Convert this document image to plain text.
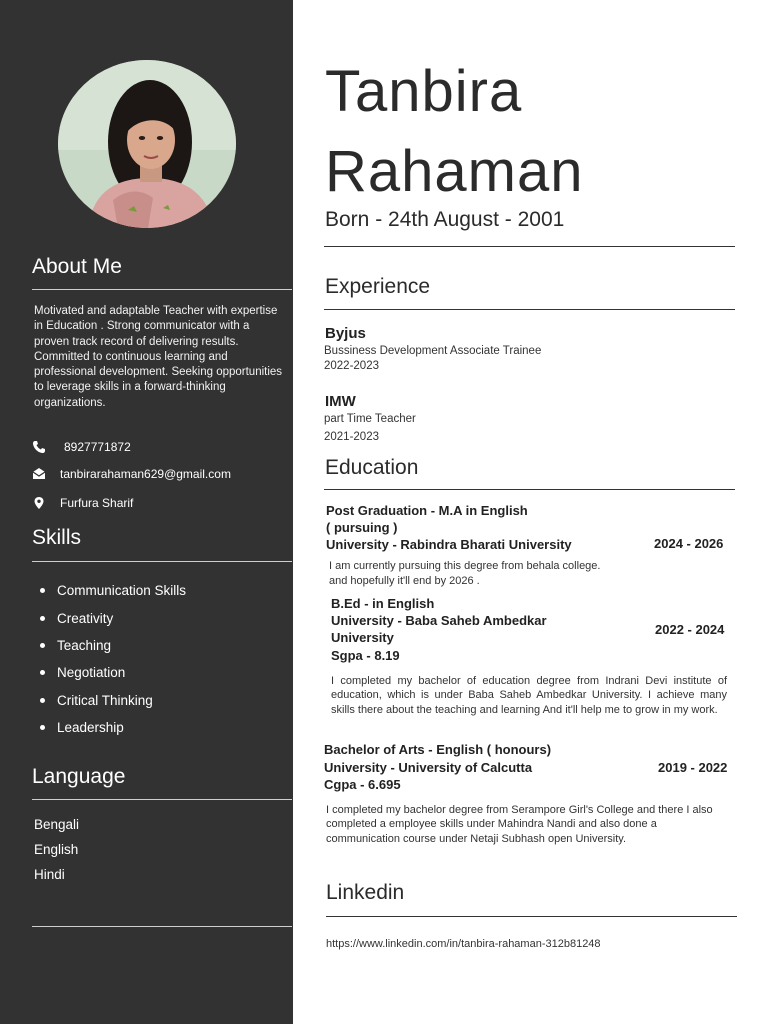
About Me

Motivated and adaptable Teacher with expertise in Education . Strong communicator with a proven track record of delivering results. Committed to continuous learning and professional development. Seeking opportunities to leverage skills in a forward-thinking organizations.

8927771872
tanbirarahaman629@gmail.com
Furfura Sharif
Skills
Communication Skills
Creativity
Teaching
Negotiation
Critical Thinking
Leadership
Language
Bengali
English
Hindi
Tanbira
Rahaman
Born - 24th August - 2001
Experience
Byjus
Bussiness Development Associate Trainee
2022-2023
IMW
part Time Teacher
2021-2023
Education
Post Graduation - M.A in English
( pursuing )
University - Rabindra Bharati University	2024 - 2026
I am currently pursuing this degree from behala college.
and hopefully it'll end by 2026 .
B.Ed - in English
University - Baba Saheb Ambedkar
University
Sgpa - 8.19
2022 - 2024

I completed my bachelor of education degree from Indrani Devi institute of education, which is under Baba Saheb Ambedkar University. I achieve many skills there about the teaching and learning And it'll help me to grow in my work.

Bachelor of Arts - English ( honours)
University - University of Calcutta
Cgpa - 6.695
2019 - 2022

I completed my bachelor degree from Serampore Girl's College and there I also completed a employee skills under Mahindra Nandi and also done a communication course under Netaji Subhash open University.

Linkedin
https://www.linkedin.com/in/tanbira-rahaman-312b81248
